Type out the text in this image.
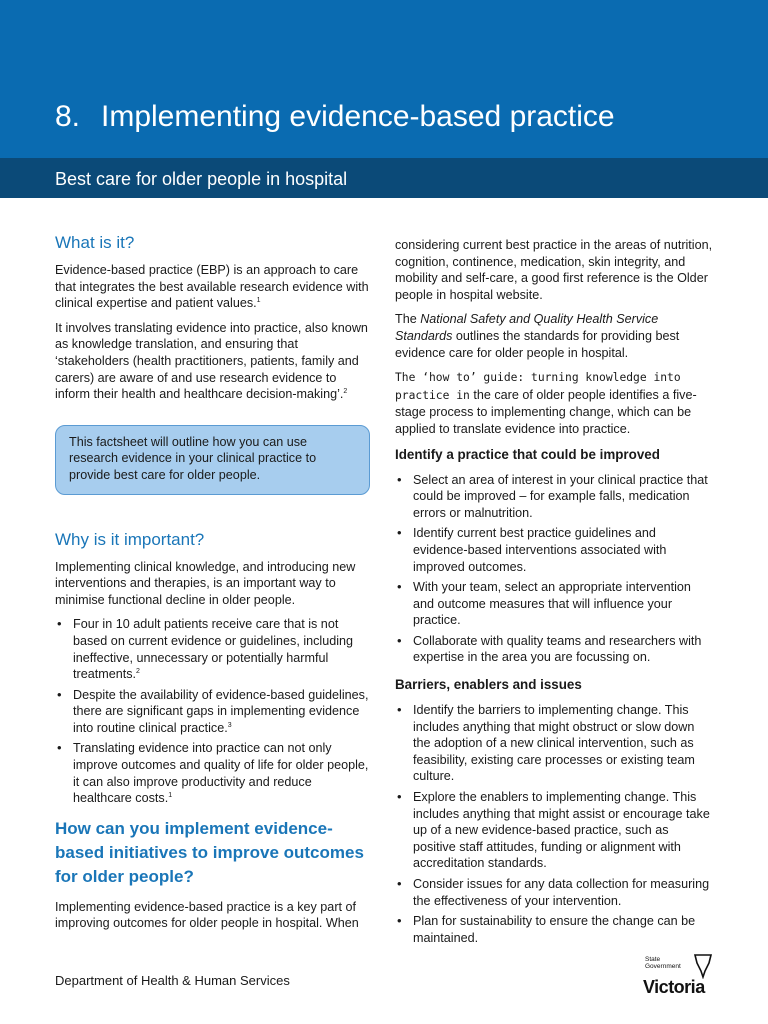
8. Implementing evidence-based practice
Best care for older people in hospital
What is it?

Evidence-based practice (EBP) is an approach to care that integrates the best available research evidence with clinical expertise and patient values.$^1$

It involves translating evidence into practice, also known as knowledge translation, and ensuring that ‘stakeholders (health practitioners, patients, family and carers) are aware of and use research evidence to inform their health and healthcare decision-making’.$^2$

This factsheet will outline how you can use research evidence in your clinical practice to provide best care for older people.
Why is it important?

Implementing clinical knowledge, and introducing new interventions and therapies, is an important way to minimise functional decline in older people.

• Four in 10 adult patients receive care that is not based on current evidence or guidelines, including ineffective, unnecessary or potentially harmful treatments.$^2$
• Despite the availability of evidence-based guidelines, there are significant gaps in implementing evidence into routine clinical practice.$^3$
• Translating evidence into practice can not only improve outcomes and quality of life for older people, it can also improve productivity and reduce healthcare costs.$^1$
How can you implement evidence-based initiatives to improve outcomes for older people?

Implementing evidence-based practice is a key part of improving outcomes for older people in hospital. When

considering current best practice in the areas of nutrition, cognition, continence, medication, skin integrity, and mobility and self-care, a good first reference is the Older people in hospital website.

The National Safety and Quality Health Service Standards outlines the standards for providing best evidence care for older people in hospital.

The ‘how to’ guide: turning knowledge into practice in the care of older people identifies a five-stage process to implementing change, which can be applied to translate evidence into practice.

Identify a practice that could be improved
• Select an area of interest in your clinical practice that could be improved – for example falls, medication errors or malnutrition.
• Identify current best practice guidelines and evidence-based interventions associated with improved outcomes.
• With your team, select an appropriate intervention and outcome measures that will influence your practice.
• Collaborate with quality teams and researchers with expertise in the area you are focussing on.
Barriers, enablers and issues
• Identify the barriers to implementing change. This includes anything that might obstruct or slow down the adoption of a new clinical intervention, such as feasibility, existing care processes or existing team culture.
• Explore the enablers to implementing change. This includes anything that might assist or encourage take up of a new evidence-based practice, such as positive staff attitudes, funding or alignment with accreditation standards.
• Consider issues for any data collection for measuring the effectiveness of your intervention.
• Plan for sustainability to ensure the change can be maintained.
Department of Health & Human Services
State
Government
Victoria
